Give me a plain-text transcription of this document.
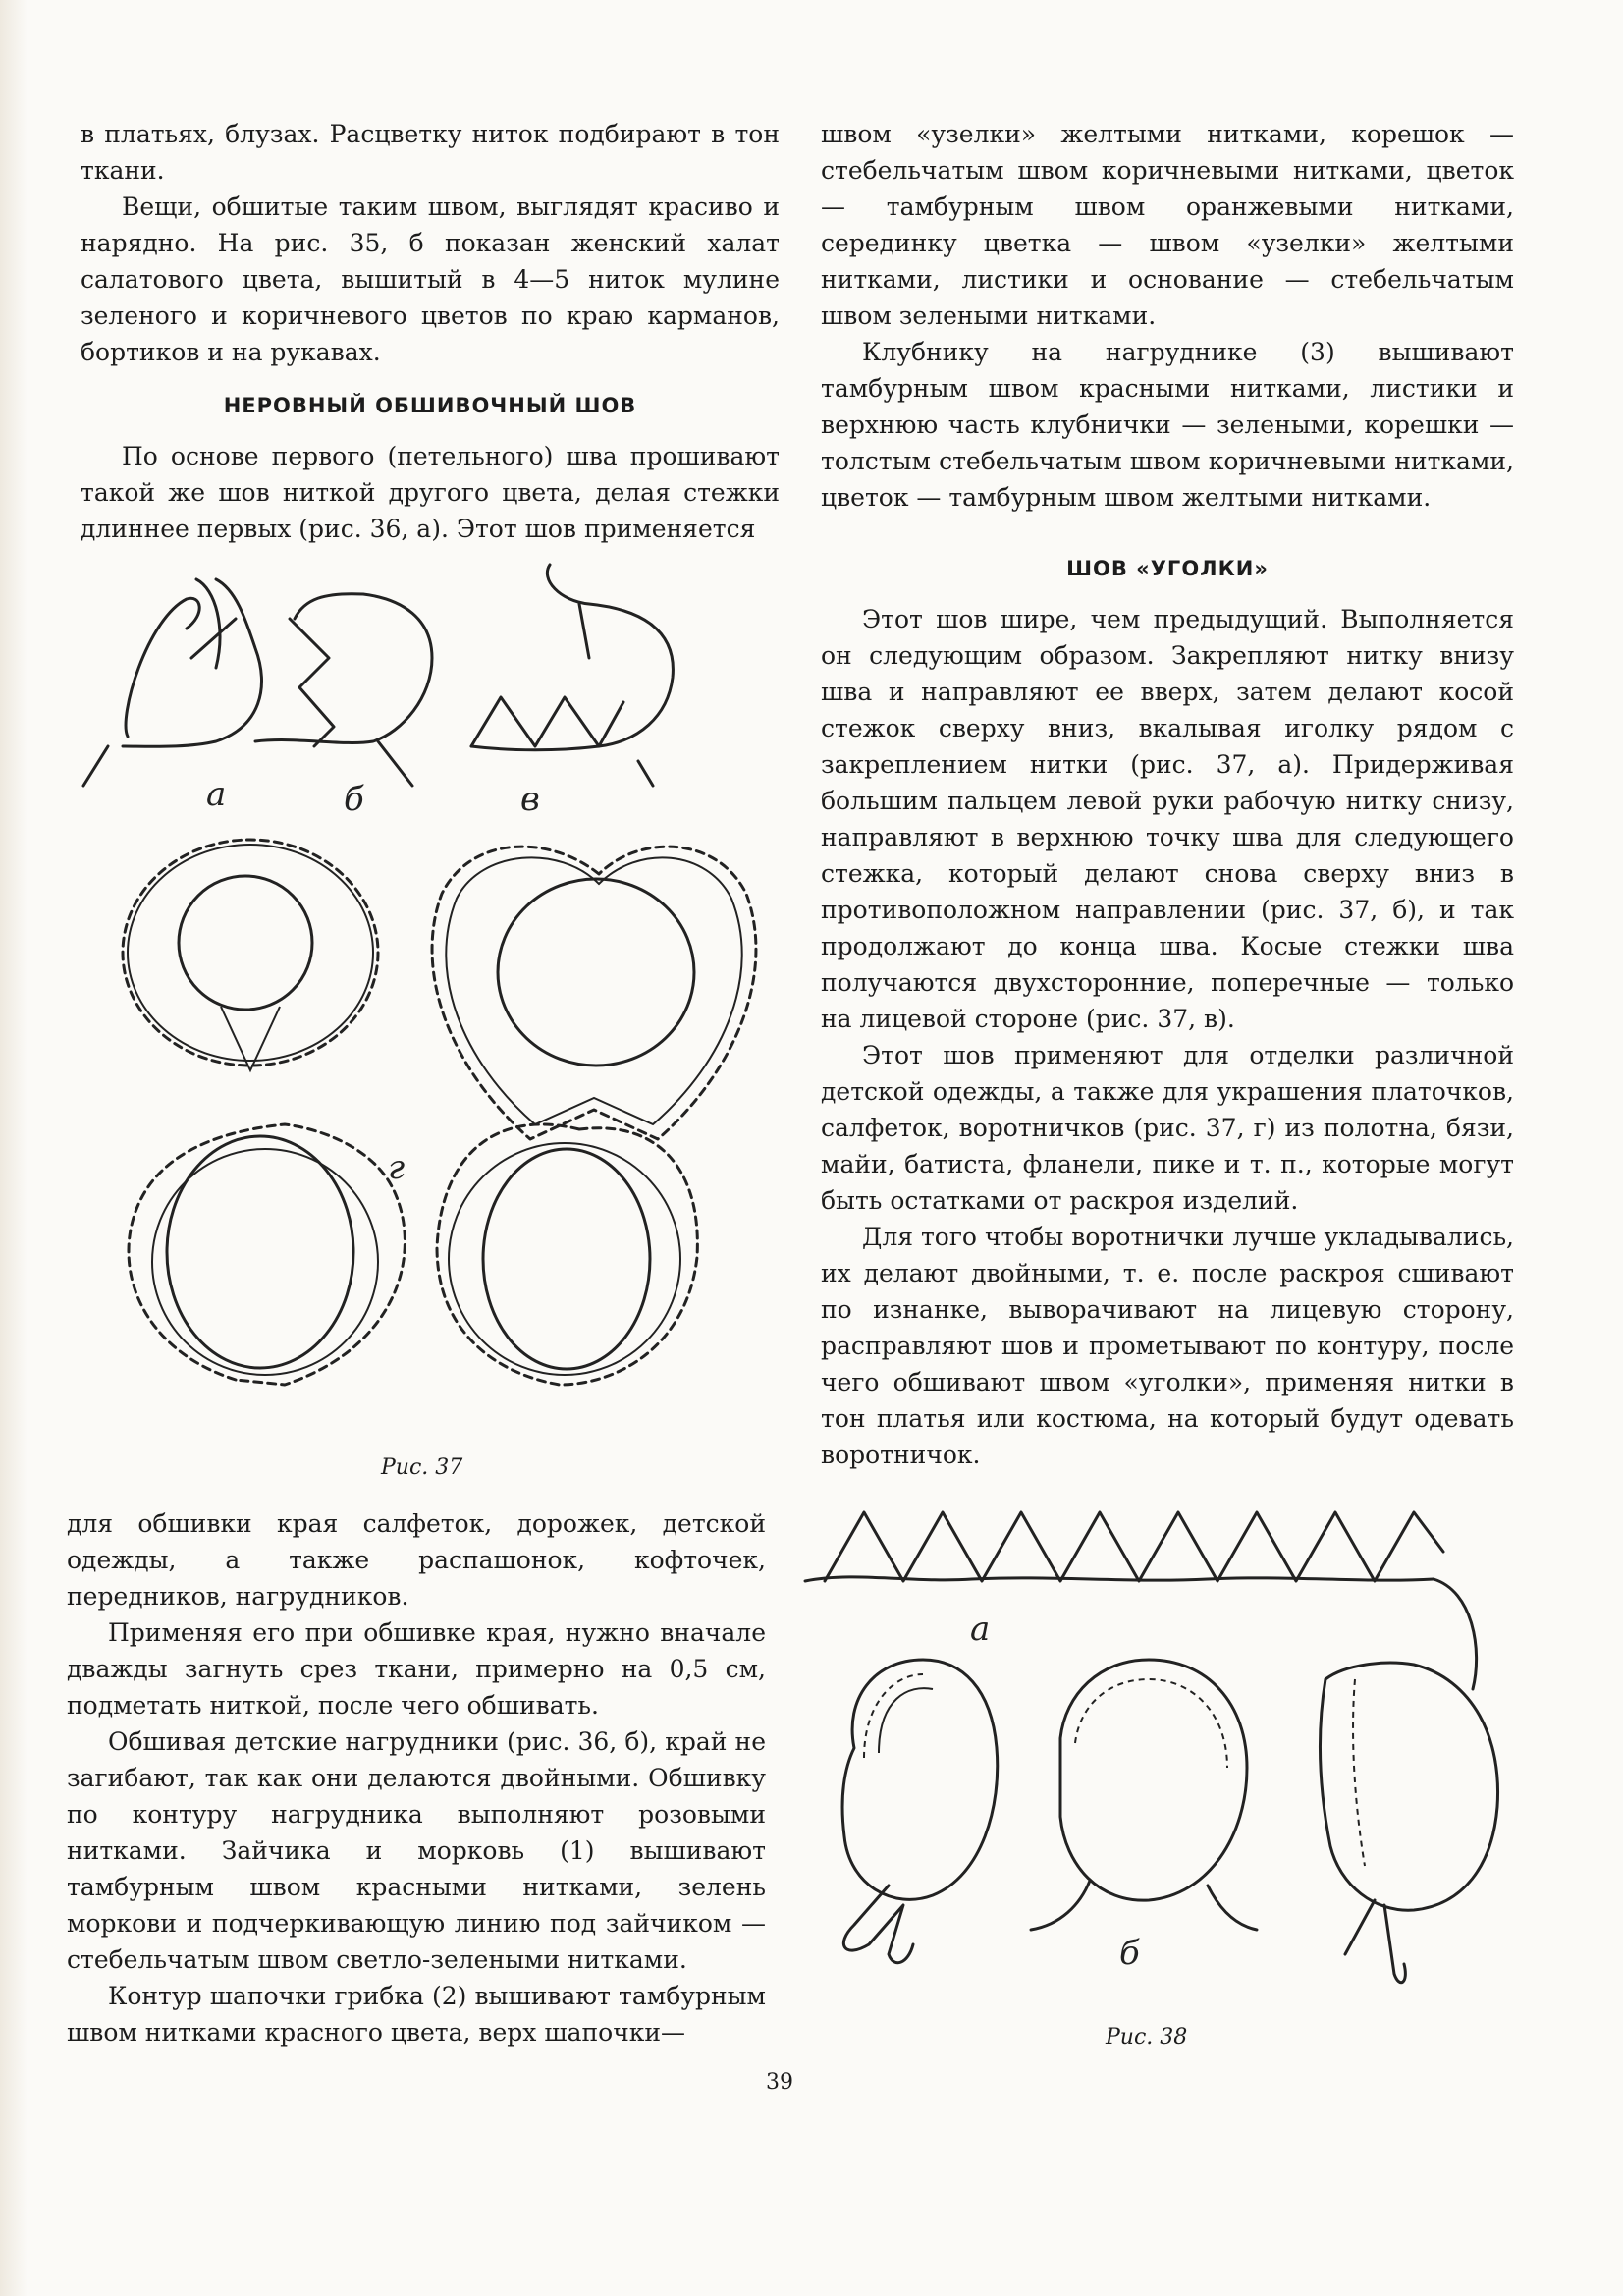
в платьях, блузах. Расцветку ниток подбирают в тон ткани.

Вещи, обшитые таким швом, выглядят красиво и нарядно. На рис. 35, б показан женский халат салатового цвета, вышитый в 4—5 ниток мулине зеленого и коричневого цветов по краю карманов, бортиков и на рукавах.

НЕРОВНЫЙ ОБШИВОЧНЫЙ ШОВ

По основе первого (петельного) шва прошивают такой же шов ниткой другого цвета, делая стежки длиннее первых (рис. 36, а). Этот шов применяется

а	б	в
г
Рис. 37

для обшивки края салфеток, дорожек, детской одежды, а также распашонок, кофточек, передников, нагрудников.

Применяя его при обшивке края, нужно вначале дважды загнуть срез ткани, примерно на 0,5 см, подметать ниткой, после чего обшивать.

Обшивая детские нагрудники (рис. 36, б), край не загибают, так как они делаются двойными. Обшивку по контуру нагрудника выполняют розовыми нитками. Зайчика и морковь (1) вышивают тамбурным швом красными нитками, зелень моркови и подчеркивающую линию под зайчиком — стебельчатым швом светло-зелеными нитками.

Контур шапочки грибка (2) вышивают тамбурным швом нитками красного цвета, верх шапочки—

швом «узелки» желтыми нитками, корешок — стебельчатым швом коричневыми нитками, цветок — тамбурным швом оранжевыми нитками, серединку цветка — швом «узелки» желтыми нитками, листики и основание — стебельчатым швом зелеными нитками.

Клубнику на нагруднике (3) вышивают тамбурным швом красными нитками, листики и верхнюю часть клубнички — зелеными, корешки — толстым стебельчатым швом коричневыми нитками, цветок — тамбурным швом желтыми нитками.

ШОВ «УГОЛКИ»

Этот шов шире, чем предыдущий. Выполняется он следующим образом. Закрепляют нитку внизу шва и направляют ее вверх, затем делают косой стежок сверху вниз, вкалывая иголку рядом с закреплением нитки (рис. 37, а). Придерживая большим пальцем левой руки рабочую нитку снизу, направляют в верхнюю точку шва для следующего стежка, который делают снова сверху вниз в противоположном направлении (рис. 37, б), и так продолжают до конца шва. Косые стежки шва получаются двухсторонние, поперечные — только на лицевой стороне (рис. 37, в).

Этот шов применяют для отделки различной детской одежды, а также для украшения платочков, салфеток, воротничков (рис. 37, г) из полотна, бязи, майи, батиста, фланели, пике и т. п., которые могут быть остатками от раскроя изделий.

Для того чтобы воротнички лучше укладывались, их делают двойными, т. е. после раскроя сшивают по изнанке, выворачивают на лицевую сторону, расправляют шов и прометывают по контуру, после чего обшивают швом «уголки», применяя нитки в тон платья или костюма, на который будут одевать воротничок.

а
б
Рис. 38
39
